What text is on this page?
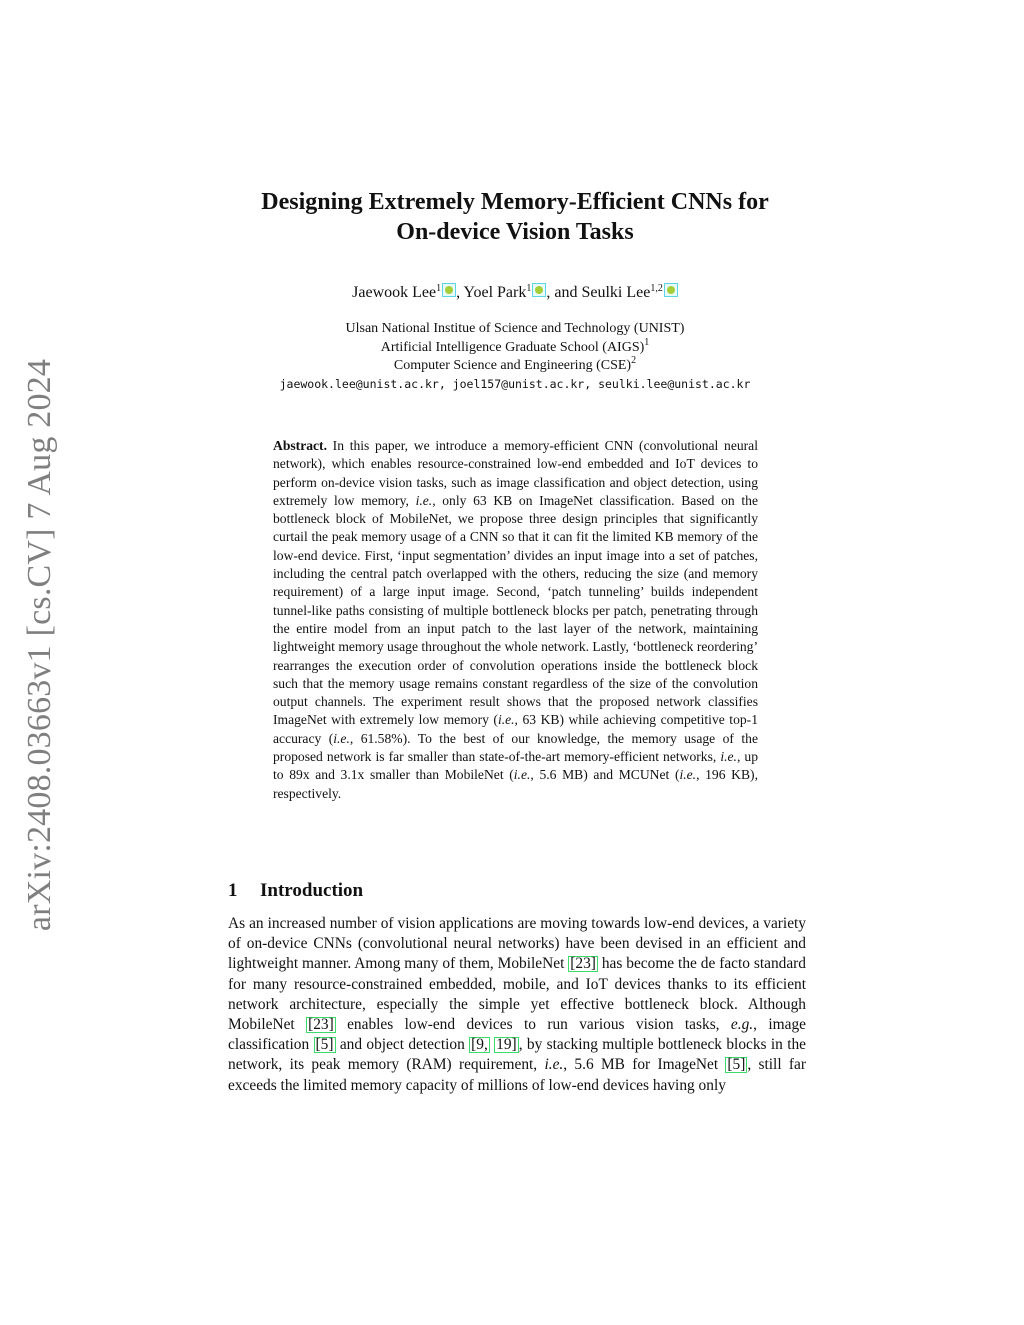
arXiv:2408.03663v1 [cs.CV] 7 Aug 2024
Designing Extremely Memory-Efficient CNNs for
On-device Vision Tasks
Jaewook Lee$^1$ , Yoel Park$^1$ , and Seulki Lee$^{1,2}$
Ulsan National Institue of Science and Technology (UNIST)
Artificial Intelligence Graduate School (AIGS)$^1$
Computer Science and Engineering (CSE)$^2$
jaewook.lee@unist.ac.kr, joel157@unist.ac.kr, seulki.lee@unist.ac.kr
Abstract. In this paper, we introduce a memory-efficient CNN (convolutional neural network), which enables resource-constrained low-end embedded and IoT devices to perform on-device vision tasks, such as image classification and object detection, using extremely low memory, i.e., only 63 KB on ImageNet classification. Based on the bottleneck block of MobileNet, we propose three design principles that significantly curtail the peak memory usage of a CNN so that it can fit the limited KB memory of the low-end device. First, ‘input segmentation’ divides an input image into a set of patches, including the central patch overlapped with the others, reducing the size (and memory requirement) of a large input image. Second, ‘patch tunneling’ builds independent tunnel-like paths consisting of multiple bottleneck blocks per patch, penetrating through the entire model from an input patch to the last layer of the network, maintaining lightweight memory usage throughout the whole network. Lastly, ‘bottleneck reordering’ rearranges the execution order of convolution operations inside the bottleneck block such that the memory usage remains constant regardless of the size of the convolution output channels. The experiment result shows that the proposed network classifies ImageNet with extremely low memory (i.e., 63 KB) while achieving competitive top-1 accuracy (i.e., 61.58%). To the best of our knowledge, the memory usage of the proposed network is far smaller than state-of-the-art memory-efficient networks, i.e., up to 89x and 3.1x smaller than MobileNet (i.e., 5.6 MB) and MCUNet (i.e., 196 KB), respectively.
1 Introduction
As an increased number of vision applications are moving towards low-end devices, a variety of on-device CNNs (convolutional neural networks) have been devised in an efficient and lightweight manner. Among many of them, MobileNet [23] has become the de facto standard for many resource-constrained embedded, mobile, and IoT devices thanks to its efficient network architecture, especially the simple yet effective bottleneck block. Although MobileNet [23] enables low-end devices to run various vision tasks, e.g., image classification [5] and object detection [9, 19] , by stacking multiple bottleneck blocks in the network, its peak memory (RAM) requirement, i.e., 5.6 MB for ImageNet [5] , still far exceeds the limited memory capacity of millions of low-end devices having only
